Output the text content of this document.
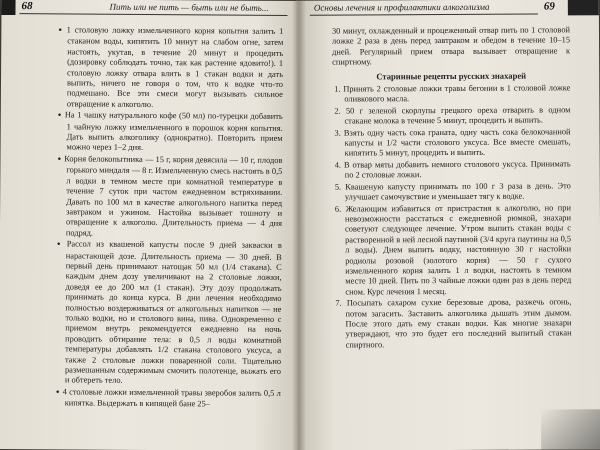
68	Пить или не пить — быть или не быть...

● 1 столовую ложку измельченного корня копытня залить 1 стаканом воды, кипятить 10 минут на слабом огне, затем настоять, укутав, в течение 20 минут и процедить (дозировку соблюдать точно, так как растение ядовито!). 1 столовую ложку отвара влить в 1 стакан водки и дать выпить, ничего не говоря о том, что к водке что-то подмешано. Все эти смеси могут вызывать сильное отвращение к алкоголю.

● На 1 чашку натурального кофе (50 мл) по-турецки добавить 1 чайную ложку измельченного в порошок корня копытня. Дать выпить алкоголику (однократно). Повторить прием можно через 1–2 дня.

● Корня белокопытника — 15 г, корня девясила — 10 г, плодов горького миндаля — 8 г. Измельченную смесь настоять в 0,5 л водки в темном месте при комнатной температуре в течение 7 суток при частом ежедневном встряхивании. Давать по 100 мл в качестве алкогольного напитка перед завтраком и ужином. Настойка вызывает тошноту и отвращение к алкоголю. Длительность приема — 4 дня подряд.

● Рассол из квашеной капусты после 9 дней закваски в нарастающей дозе. Длительность приема — 30 дней. В первый день принимают натощак 50 мл (1/4 стакана). С каждым днем дозу увеличивают на 2 столовые ложки, доведя ее до 200 мл (1 стакан). Эту дозу продолжать принимать до конца курса. В дни лечения необходимо полностью воздерживаться от алкогольных напитков — не только водки, но и столового вина, пива. Одновременно с приемом внутрь рекомендуется ежедневно на ночь проводить обтирание тела: в 0,5 л воды комнатной температуры добавлять 1/2 стакана столового уксуса, а также 2 столовые ложки поваренной соли. Тщательно размешанным содержимым смочить полотенце, выжать его и обтереть тело.

● 4 столовые ложки измельченной травы зверобоя залить 0,5 л кипятка. Выдержать в кипящей бане 25–

Основы лечения и профилактики алкоголизма	69

30 минут, охлажденный и процеженный отвар пить по 1 столовой ложке 2 раза в день перед завтраком и обедом в течение 10–15 дней. Регулярный прием отвара вызывает отвращение к спиртному.

Старинные рецепты русских знахарей

1. Принять 2 столовые ложки травы бегонии в 1 столовой ложке оливкового масла.

2. 50 г зеленой скорлупы грецкого ореха отварить в одном стакане молока в течение 5 минут, процедить и выпить.

3. Взять одну часть сока граната, одну часть сока белокочанной капусты и 1/2 части столового уксуса. Все вместе смешать, кипятить 5 минут, процедить и выпить.

4. В отвар мяты добавить немного столового уксуса. Принимать по 2 столовые ложки.

5. Квашеную капусту принимать по 100 г 3 раза в день. Это улучшает самочувствие и уменьшает тягу к водке.

6. Желающим избавиться от пристрастия к алкоголю, но при невозможности расстаться с ежедневной рюмкой, знахари советуют следующее лечение. Утром выпить стакан воды с растворенной в ней лесной паутиной (3/4 круга паутины на 0,5 л воды). Днем выпить водку, настоянную 30 г настойки родиолы розовой (золотого корня) — 50 г сухого измельченного корня залить 1 л водки, настоять в темном месте 10 дней. Пить по 3 чайные ложки один раз в день перед сном. Курс лечения 1 месяц.

7. Посыпать сахаром сухие березовые дрова, разжечь огонь, потом загасить. Заставить алкоголика дышать этим дымом. После этого дать ему стакан водки. Как многие знахари утверждают, что это будет его последний выпитый стакан спиртного.
